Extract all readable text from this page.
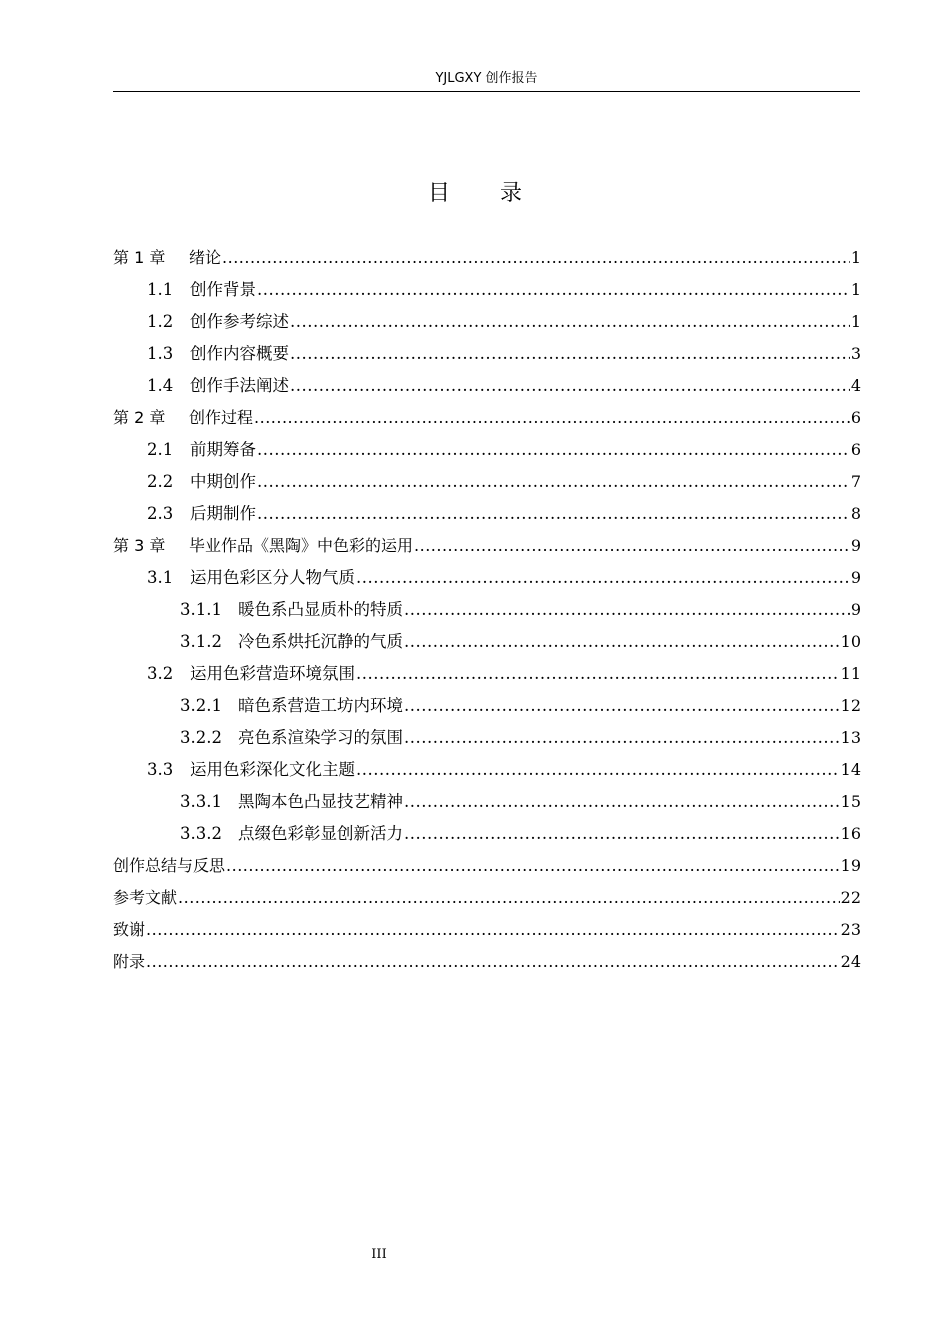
YJLGXY 创作报告
目 录
第 1 章	绪论 .....	1
1.1	创作背景 .....	1
1.2	创作参考综述 .....	1
1.3	创作内容概要 .....	3
1.4	创作手法阐述 .....	4
第 2 章	创作过程 .....	6
2.1	前期筹备 .....	6
2.2	中期创作 .....	7
2.3	后期制作 .....	8
第 3 章	毕业作品《黑陶》中色彩的运用 .....	9
3.1	运用色彩区分人物气质 .....	9
3.1.1 暖色系凸显质朴的特质 .....	9
3.1.2 冷色系烘托沉静的气质 .....	10
3.2	运用色彩营造环境氛围 .....	11
3.2.1 暗色系营造工坊内环境 .....	12
3.2.2 亮色系渲染学习的氛围 .....	13
3.3	运用色彩深化文化主题 .....	14
3.3.1 黑陶本色凸显技艺精神 .....	15
3.3.2 点缀色彩彰显创新活力 .....	16
创作总结与反思 .....	19
参考文献 .....	22
致谢 .....	23
附录 .....	24
III
